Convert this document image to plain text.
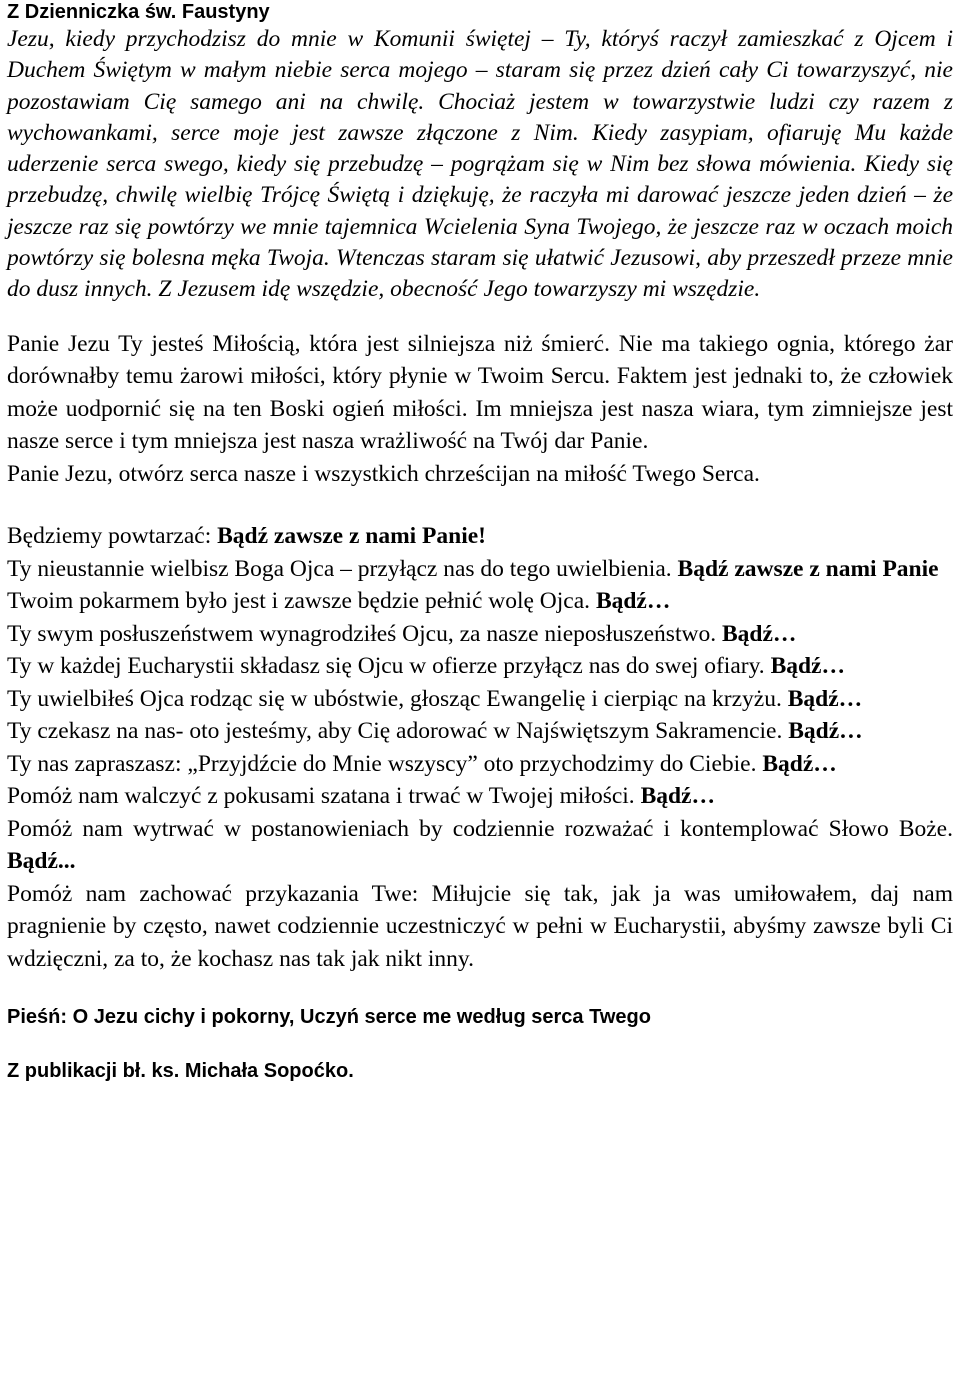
Z Dzienniczka św. Faustyny

Jezu, kiedy przychodzisz do mnie w Komunii świętej – Ty, któryś raczył zamieszkać z Ojcem i Duchem Świętym w małym niebie serca mojego – staram się przez dzień cały Ci towarzyszyć, nie pozostawiam Cię samego ani na chwilę. Chociaż jestem w towarzystwie ludzi czy razem z wychowankami, serce moje jest zawsze złączone z Nim. Kiedy zasypiam, ofiaruję Mu każde uderzenie serca swego, kiedy się przebudzę – pogrążam się w Nim bez słowa mówienia. Kiedy się przebudzę, chwilę wielbię Trójcę Świętą i dziękuję, że raczyła mi darować jeszcze jeden dzień – że jeszcze raz się powtórzy we mnie tajemnica Wcielenia Syna Twojego, że jeszcze raz w oczach moich powtórzy się bolesna męka Twoja. Wtenczas staram się ułatwić Jezusowi, aby przeszedł przeze mnie do dusz innych. Z Jezusem idę wszędzie, obecność Jego towarzyszy mi wszędzie.

Panie Jezu Ty jesteś Miłością, która jest silniejsza niż śmierć. Nie ma takiego ognia, którego żar dorównałby temu żarowi miłości, który płynie w Twoim Sercu. Faktem jest jednaki to, że człowiek może uodpornić się na ten Boski ogień miłości. Im mniejsza jest nasza wiara, tym zimniejsze jest nasze serce i tym mniejsza jest nasza wrażliwość na Twój dar Panie.

Panie Jezu, otwórz serca nasze i wszystkich chrześcijan na miłość Twego Serca.

Będziemy powtarzać: Bądź zawsze z nami Panie!

Ty nieustannie wielbisz Boga Ojca – przyłącz nas do tego uwielbienia. Bądź zawsze z nami Panie

Twoim pokarmem było jest i zawsze będzie pełnić wolę Ojca. Bądź…

Ty swym posłuszeństwem wynagrodziłeś Ojcu, za nasze nieposłuszeństwo. Bądź…

Ty w każdej Eucharystii składasz się Ojcu w ofierze przyłącz nas do swej ofiary. Bądź…

Ty uwielbiłeś Ojca rodząc się w ubóstwie, głosząc Ewangelię i cierpiąc na krzyżu. Bądź…

Ty czekasz na nas- oto jesteśmy, aby Cię adorować w Najświętszym Sakramencie. Bądź…

Ty nas zapraszasz: „Przyjdźcie do Mnie wszyscy” oto przychodzimy do Ciebie. Bądź…

Pomóż nam walczyć z pokusami szatana i trwać w Twojej miłości. Bądź…

Pomóż nam wytrwać w postanowieniach by codziennie rozważać i kontemplować Słowo Boże. Bądź...

Pomóż nam zachować przykazania Twe: Miłujcie się tak, jak ja was umiłowałem, daj nam pragnienie by często, nawet codziennie uczestniczyć w pełni w Eucharystii, abyśmy zawsze byli Ci wdzięczni, za to, że kochasz nas tak jak nikt inny.

Pieśń: O Jezu cichy i pokorny, Uczyń serce me według serca Twego

Z publikacji bł. ks. Michała Sopoćko.
